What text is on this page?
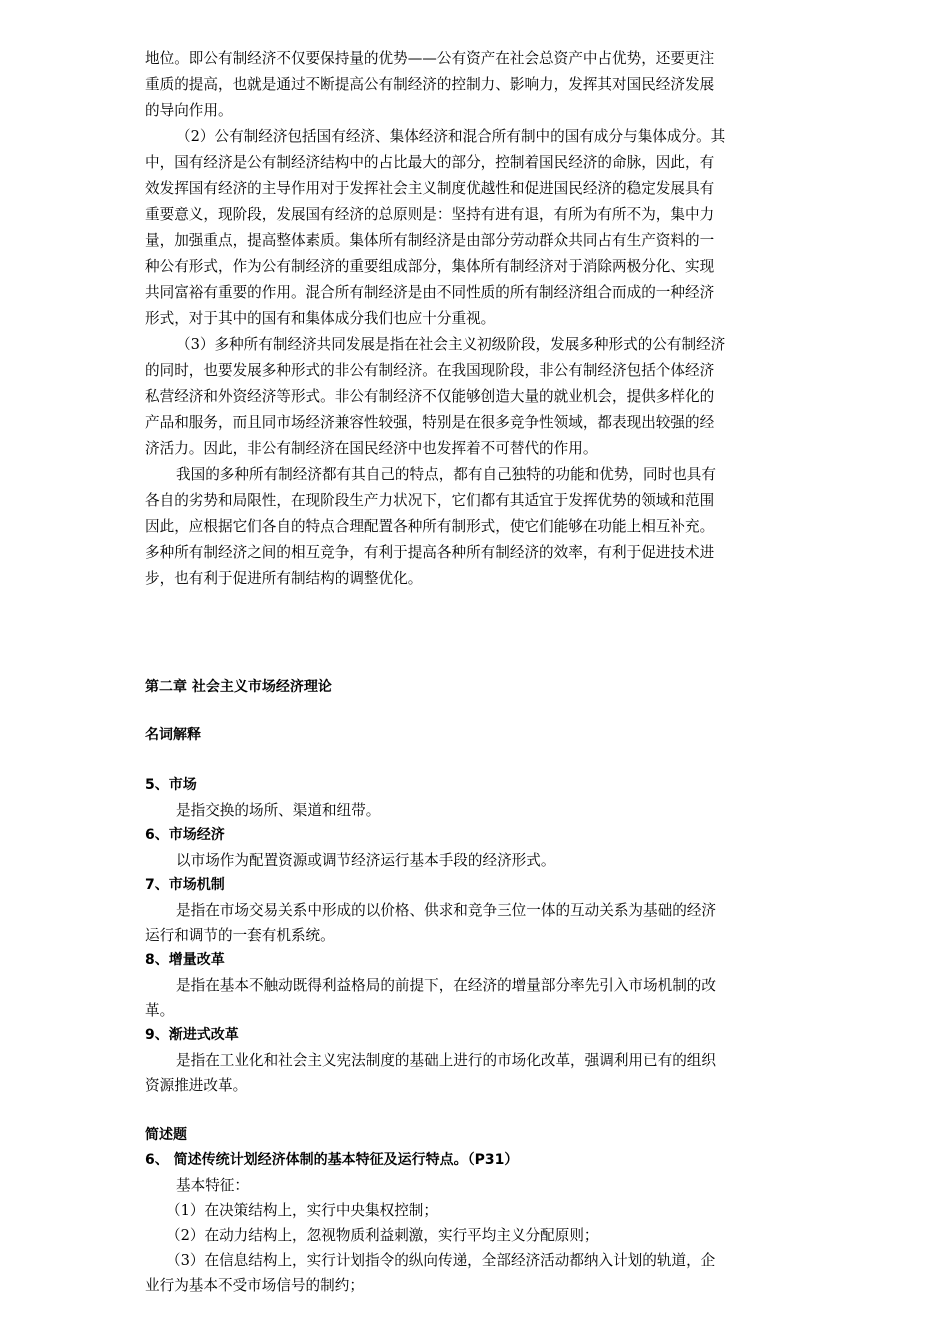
地位。即公有制经济不仅要保持量的优势——公有资产在社会总资产中占优势，还要更注
重质的提高，也就是通过不断提高公有制经济的控制力、影响力，发挥其对国民经济发展
的导向作用。
（2）公有制经济包括国有经济、集体经济和混合所有制中的国有成分与集体成分。其
中，国有经济是公有制经济结构中的占比最大的部分，控制着国民经济的命脉，因此，有
效发挥国有经济的主导作用对于发挥社会主义制度优越性和促进国民经济的稳定发展具有
重要意义，现阶段，发展国有经济的总原则是：坚持有进有退，有所为有所不为，集中力
量，加强重点，提高整体素质。集体所有制经济是由部分劳动群众共同占有生产资料的一
种公有形式，作为公有制经济的重要组成部分，集体所有制经济对于消除两极分化、实现
共同富裕有重要的作用。混合所有制经济是由不同性质的所有制经济组合而成的一种经济
形式，对于其中的国有和集体成分我们也应十分重视。
（3）多种所有制经济共同发展是指在社会主义初级阶段，发展多种形式的公有制经济
的同时，也要发展多种形式的非公有制经济。在我国现阶段，非公有制经济包括个体经济
私营经济和外资经济等形式。非公有制经济不仅能够创造大量的就业机会，提供多样化的
产品和服务，而且同市场经济兼容性较强，特别是在很多竞争性领域，都表现出较强的经
济活力。因此，非公有制经济在国民经济中也发挥着不可替代的作用。
我国的多种所有制经济都有其自己的特点，都有自己独特的功能和优势，同时也具有
各自的劣势和局限性，在现阶段生产力状况下，它们都有其适宜于发挥优势的领域和范围
因此，应根据它们各自的特点合理配置各种所有制形式，使它们能够在功能上相互补充。
多种所有制经济之间的相互竞争，有利于提高各种所有制经济的效率，有利于促进技术进
步，也有利于促进所有制结构的调整优化。
第二章 社会主义市场经济理论
名词解释
5、市场
是指交换的场所、渠道和纽带。
6、市场经济
以市场作为配置资源或调节经济运行基本手段的经济形式。
7、市场机制
是指在市场交易关系中形成的以价格、供求和竞争三位一体的互动关系为基础的经济
运行和调节的一套有机系统。
8、增量改革
是指在基本不触动既得利益格局的前提下，在经济的增量部分率先引入市场机制的改
革。
9、渐进式改革
是指在工业化和社会主义宪法制度的基础上进行的市场化改革，强调利用已有的组织
资源推进改革。
简述题
6、 简述传统计划经济体制的基本特征及运行特点。（P31）
基本特征：
（1）在决策结构上，实行中央集权控制；
（2）在动力结构上，忽视物质利益刺激，实行平均主义分配原则；
（3）在信息结构上，实行计划指令的纵向传递，全部经济活动都纳入计划的轨道，企
业行为基本不受市场信号的制约；
